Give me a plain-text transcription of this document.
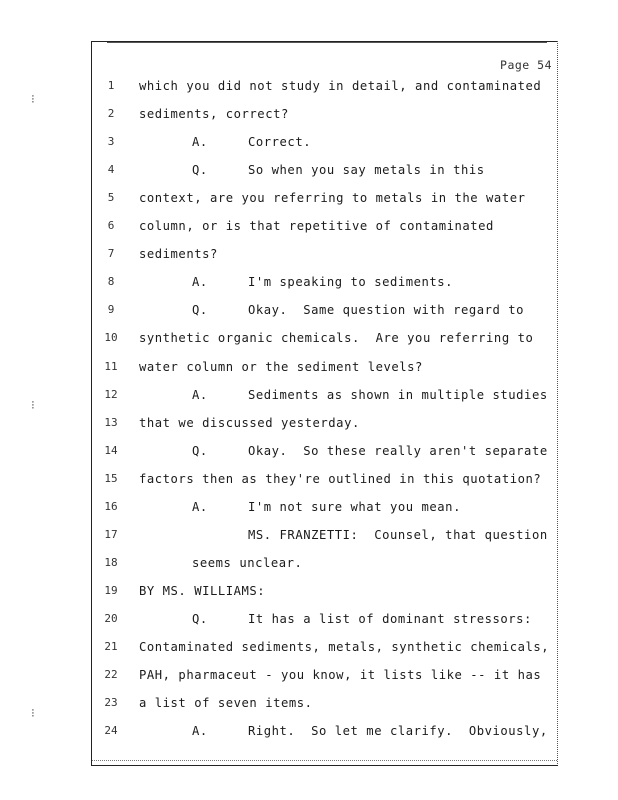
Page 54
⁝
⁝
⁝
1	which you did not study in detail, and contaminated
2	sediments, correct?
3	A.	Correct.
4	Q.	So when you say metals in this
5	context, are you referring to metals in the water
6	column, or is that repetitive of contaminated
7	sediments?
8	A.	I'm speaking to sediments.
9	Q.	Okay.  Same question with regard to
10	synthetic organic chemicals.  Are you referring to
11	water column or the sediment levels?
12	A.	Sediments as shown in multiple studies
13	that we discussed yesterday.
14	Q.	Okay.  So these really aren't separate
15	factors then as they're outlined in this quotation?
16	A.	I'm not sure what you mean.
17	MS. FRANZETTI:  Counsel, that question
18	seems unclear.
19	BY MS. WILLIAMS:
20	Q.	It has a list of dominant stressors:
21	Contaminated sediments, metals, synthetic chemicals,
22	PAH, pharmaceut - you know, it lists like -- it has
23	a list of seven items.
24	A.	Right.  So let me clarify.  Obviously,
